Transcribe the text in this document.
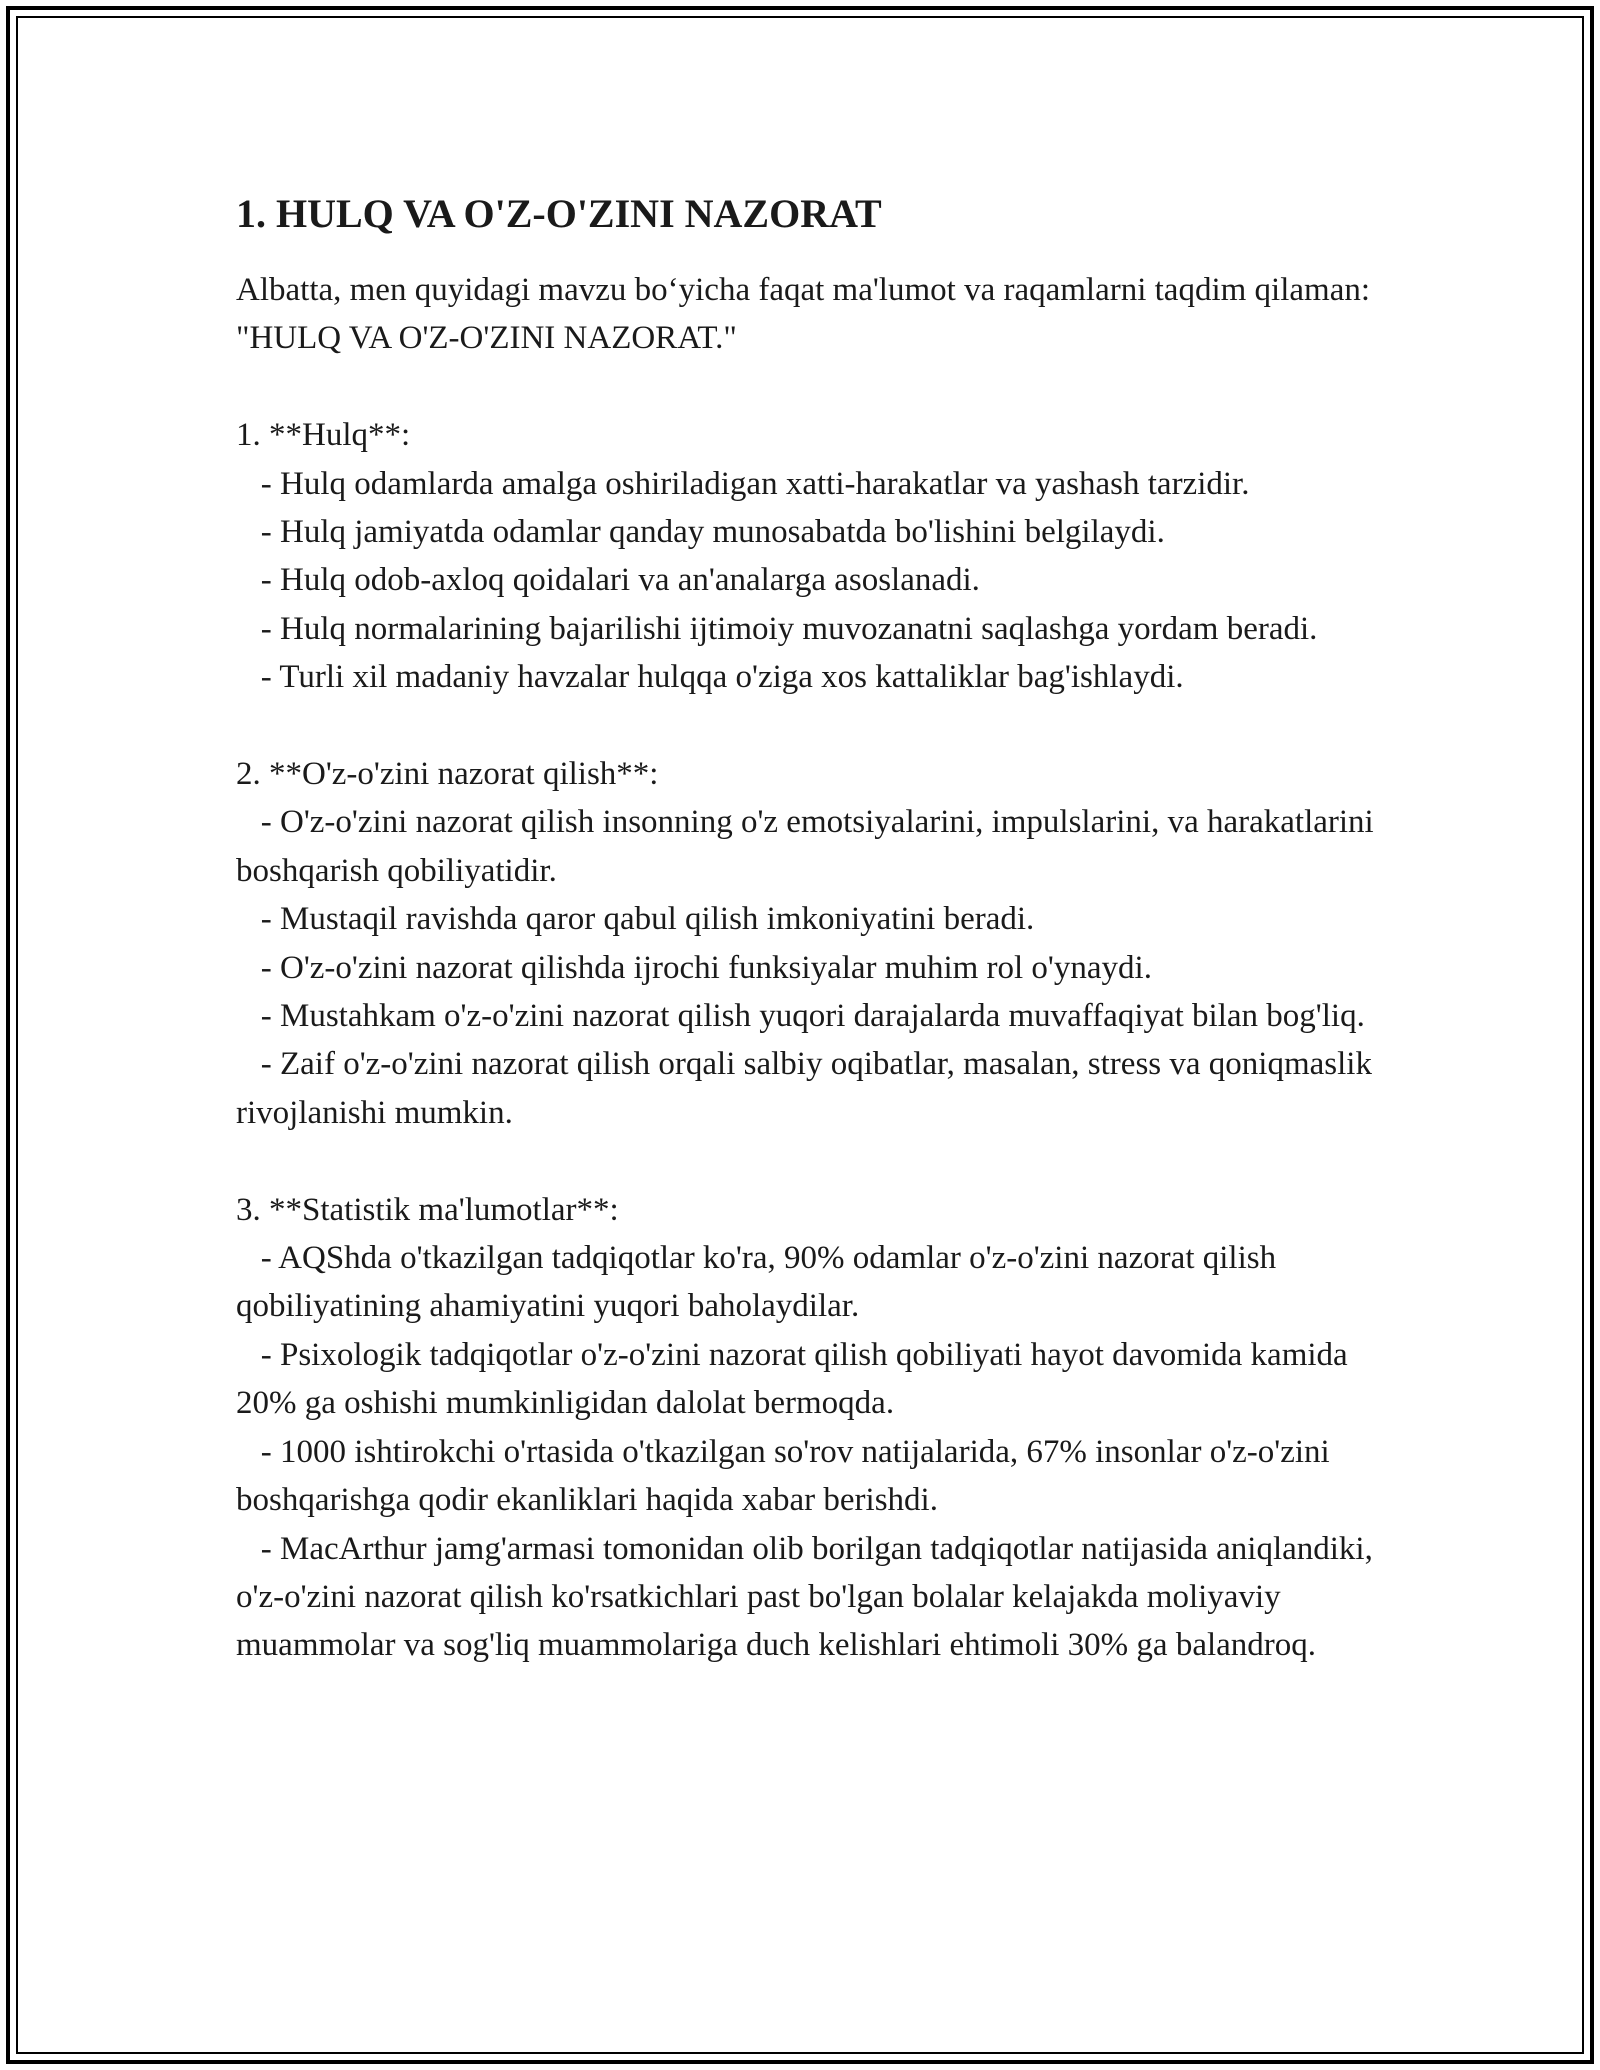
1. HULQ VA O'Z-O'ZINI NAZORAT

Albatta, men quyidagi mavzu bo‘yicha faqat ma'lumot va raqamlarni taqdim qilaman: "HULQ VA O'Z-O'ZINI NAZORAT."

1. **Hulq**:

- Hulq odamlarda amalga oshiriladigan xatti-harakatlar va yashash tarzidir.

- Hulq jamiyatda odamlar qanday munosabatda bo'lishini belgilaydi.

- Hulq odob-axloq qoidalari va an'analarga asoslanadi.

- Hulq normalarining bajarilishi ijtimoiy muvozanatni saqlashga yordam beradi.

- Turli xil madaniy havzalar hulqqa o'ziga xos kattaliklar bag'ishlaydi.

2. **O'z-o'zini nazorat qilish**:

- O'z-o'zini nazorat qilish insonning o'z emotsiyalarini, impulslarini, va harakatlarini boshqarish qobiliyatidir.

- Mustaqil ravishda qaror qabul qilish imkoniyatini beradi.

- O'z-o'zini nazorat qilishda ijrochi funksiyalar muhim rol o'ynaydi.

- Mustahkam o'z-o'zini nazorat qilish yuqori darajalarda muvaffaqiyat bilan bog'liq.

- Zaif o'z-o'zini nazorat qilish orqali salbiy oqibatlar, masalan, stress va qoniqmaslik rivojlanishi mumkin.

3. **Statistik ma'lumotlar**:

- AQShda o'tkazilgan tadqiqotlar ko'ra, 90% odamlar o'z-o'zini nazorat qilish qobiliyatining ahamiyatini yuqori baholaydilar.

- Psixologik tadqiqotlar o'z-o'zini nazorat qilish qobiliyati hayot davomida kamida 20% ga oshishi mumkinligidan dalolat bermoqda.

- 1000 ishtirokchi o'rtasida o'tkazilgan so'rov natijalarida, 67% insonlar o'z-o'zini boshqarishga qodir ekanliklari haqida xabar berishdi.

- MacArthur jamg'armasi tomonidan olib borilgan tadqiqotlar natijasida aniqlandiki, o'z-o'zini nazorat qilish ko'rsatkichlari past bo'lgan bolalar kelajakda moliyaviy muammolar va sog'liq muammolariga duch kelishlari ehtimoli 30% ga balandroq.
